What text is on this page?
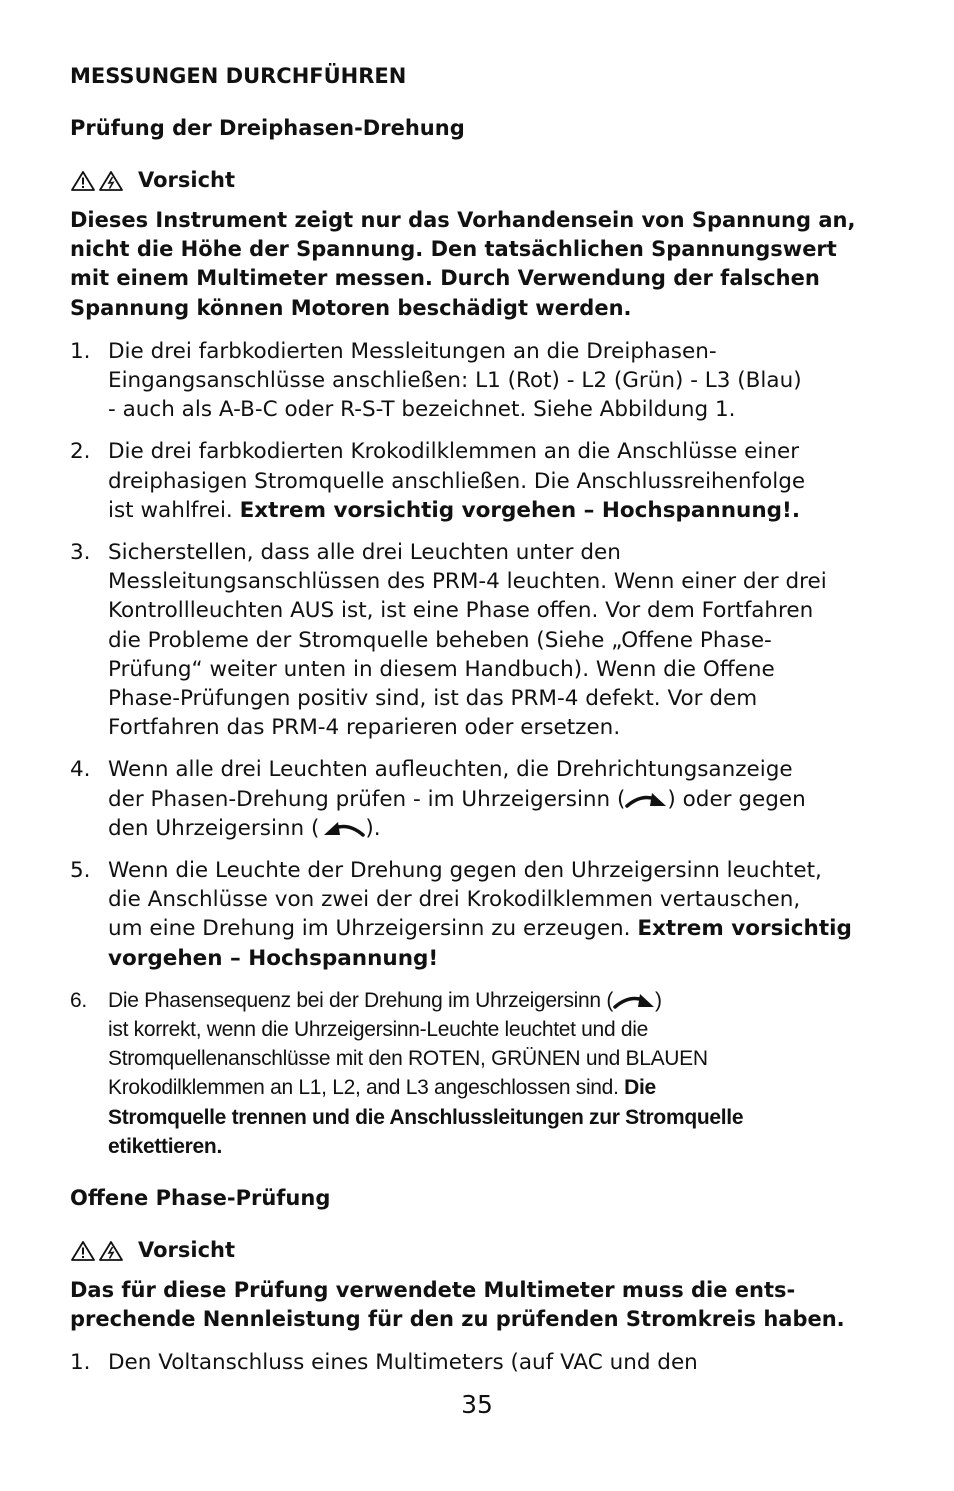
MESSUNGEN DURCHFÜHREN
Prüfung der Dreiphasen-Drehung
Vorsicht
Dieses Instrument zeigt nur das Vorhandensein von Spannung an,
nicht die Höhe der Spannung. Den tatsächlichen Spannungswert
mit einem Multimeter messen. Durch Verwendung der falschen
Spannung können Motoren beschädigt werden.
1. Die drei farbkodierten Messleitungen an die Dreiphasen-
Eingangsanschlüsse anschließen: L1 (Rot) - L2 (Grün) - L3 (Blau)
- auch als A-B-C oder R-S-T bezeichnet. Siehe Abbildung 1.
2. Die drei farbkodierten Krokodilklemmen an die Anschlüsse einer
dreiphasigen Stromquelle anschließen. Die Anschlussreihenfolge
ist wahlfrei. Extrem vorsichtig vorgehen – Hochspannung!.
3. Sicherstellen, dass alle drei Leuchten unter den
Messleitungsanschlüssen des PRM-4 leuchten. Wenn einer der drei
Kontrollleuchten AUS ist, ist eine Phase offen. Vor dem Fortfahren
die Probleme der Stromquelle beheben (Siehe „Offene Phase-
Prüfung“ weiter unten in diesem Handbuch). Wenn die Offene
Phase-Prüfungen positiv sind, ist das PRM-4 defekt. Vor dem
Fortfahren das PRM-4 reparieren oder ersetzen.
4. Wenn alle drei Leuchten aufleuchten, die Drehrichtungsanzeige
der Phasen-Drehung prüfen - im Uhrzeigersinn ( ) oder gegen
den Uhrzeigersinn ( ).
5. Wenn die Leuchte der Drehung gegen den Uhrzeigersinn leuchtet,
die Anschlüsse von zwei der drei Krokodilklemmen vertauschen,
um eine Drehung im Uhrzeigersinn zu erzeugen. Extrem vorsichtig
vorgehen – Hochspannung!
6.	Die Phasensequenz bei der Drehung im Uhrzeigersinn ( )
ist korrekt, wenn die Uhrzeigersinn-Leuchte leuchtet und die
Stromquellenanschlüsse mit den ROTEN, GRÜNEN und BLAUEN
Krokodilklemmen an L1, L2, and L3 angeschlossen sind. Die
Stromquelle trennen und die Anschlussleitungen zur Stromquelle
etikettieren.
Offene Phase-Prüfung
Vorsicht
Das für diese Prüfung verwendete Multimeter muss die ents-
prechende Nennleistung für den zu prüfenden Stromkreis haben.
1. Den Voltanschluss eines Multimeters (auf VAC und den
35
